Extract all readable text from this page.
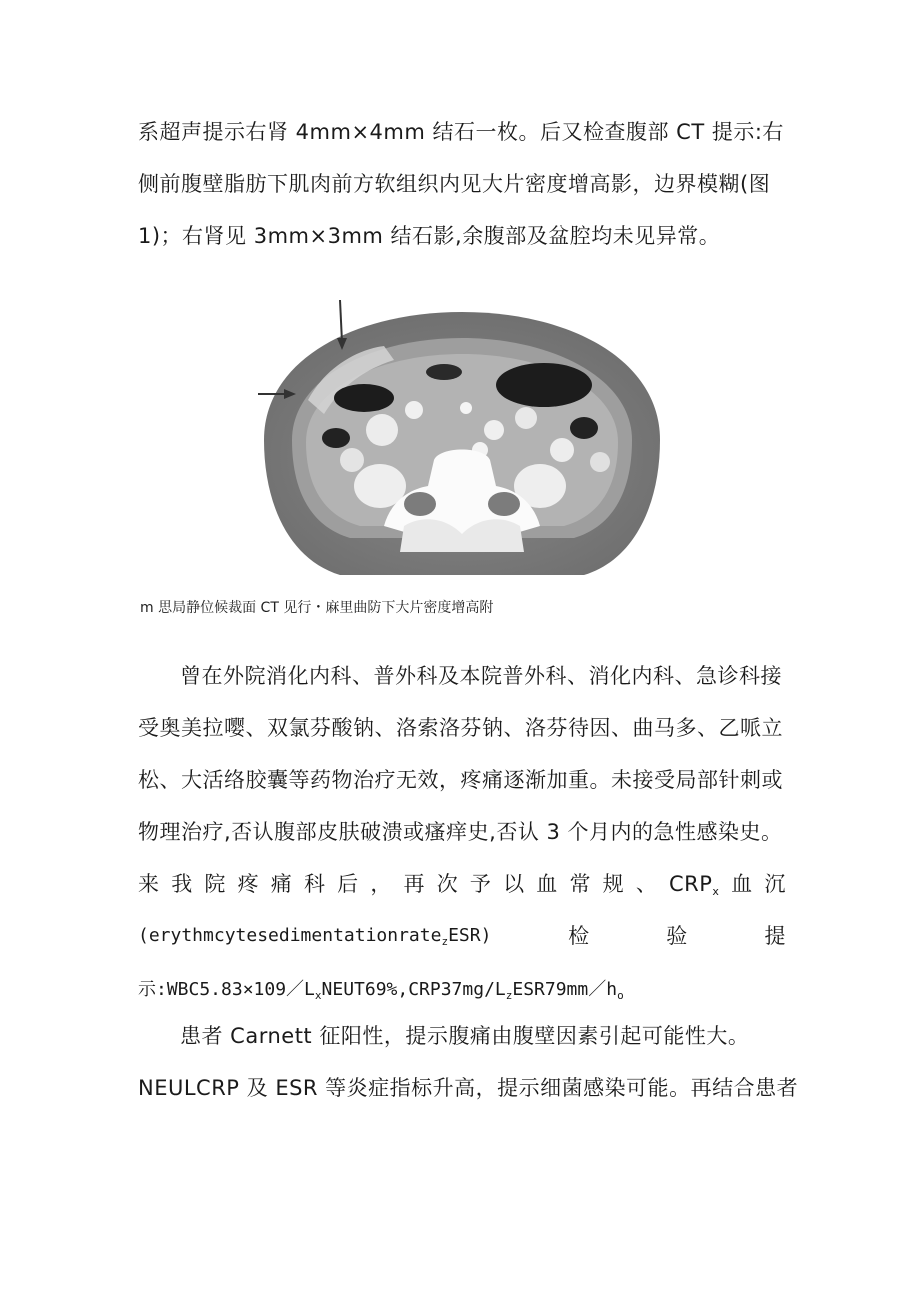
系超声提示右肾 4mm×4mm 结石一枚。后又检查腹部 CT 提示:右
侧前腹壁脂肪下肌肉前方软组织内见大片密度增高影，边界模糊(图
1)；右肾见 3mm×3mm 结石影,余腹部及盆腔均未见异常。
m 思局静位候裁面 CT 见行・麻里曲防下大片密度增高附
曾在外院消化内科、普外科及本院普外科、消化内科、急诊科接
受奥美拉嘤、双氯芬酸钠、洛索洛芬钠、洛芬待因、曲马多、乙哌立
松、大活络胶囊等药物治疗无效，疼痛逐渐加重。未接受局部针刺或
物理治疗,否认腹部皮肤破溃或瘙痒史,否认 3 个月内的急性感染史。
来 我 院 疼 痛 科 后 ， 再 次 予 以 血 常 规 、 $CRP_x$ 血 沉
(erythmcytesedimentationrate$_z$ESR)	检	验	提
示$:WBC5.83\times 109/L_xNEUT69\%,CRP37mg/L_zESR79mm/h_o$
患者 Carnett 征阳性，提示腹痛由腹壁因素引起可能性大。
NEULCRP 及 ESR 等炎症指标升高，提示细菌感染可能。再结合患者
